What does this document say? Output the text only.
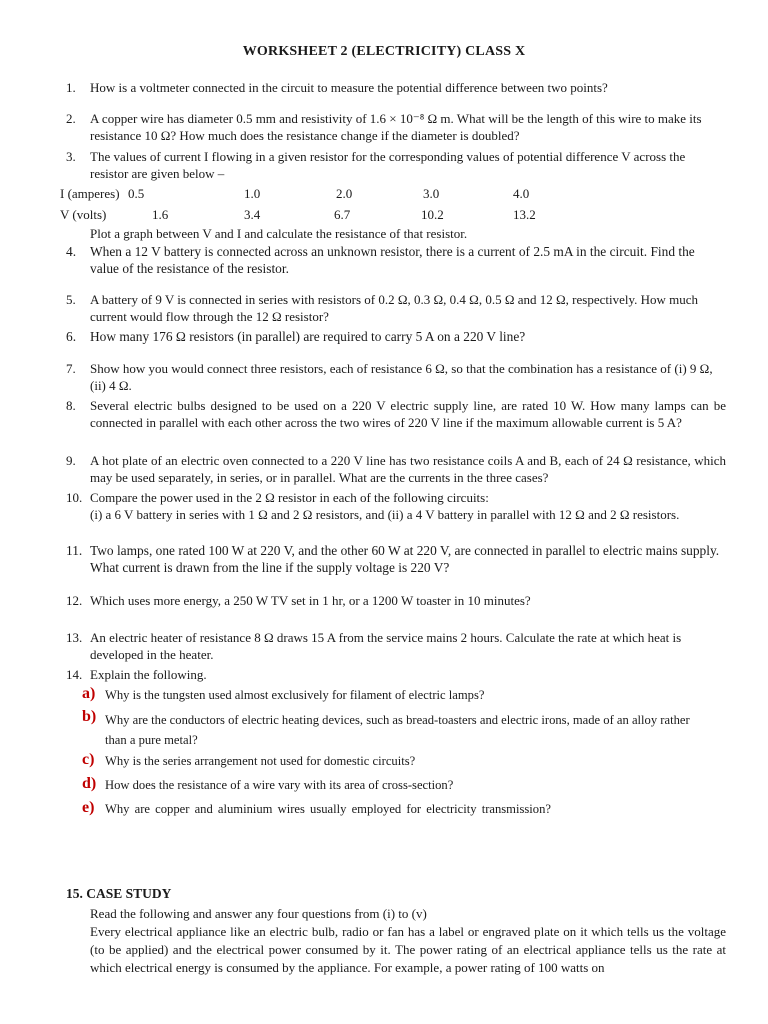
WORKSHEET 2 (ELECTRICITY) CLASS X
1. How is a voltmeter connected in the circuit to measure the potential difference between two points?
2. A copper wire has diameter 0.5 mm and resistivity of 1.6 × 10⁻⁸ Ω m. What will be the length of this wire to make its resistance 10 Ω? How much does the resistance change if the diameter is doubled?
3. The values of current I flowing in a given resistor for the corresponding values of potential difference V across the resistor are given below –
I (amperes) 0.5	1.0	2.0	3.0	4.0
V (volts)	1.6	3.4	6.7	10.2	13.2
Plot a graph between V and I and calculate the resistance of that resistor.
4. When a 12 V battery is connected across an unknown resistor, there is a current of 2.5 mA in the circuit. Find the value of the resistance of the resistor.
5. A battery of 9 V is connected in series with resistors of 0.2 Ω, 0.3 Ω, 0.4 Ω, 0.5 Ω and 12 Ω, respectively. How much current would flow through the 12 Ω resistor?
6. How many 176 Ω resistors (in parallel) are required to carry 5 A on a 220 V line?
7. Show how you would connect three resistors, each of resistance 6 Ω, so that the combination has a resistance of (i) 9 Ω, (ii) 4 Ω.
8. Several electric bulbs designed to be used on a 220 V electric supply line, are rated 10 W. How many lamps can be connected in parallel with each other across the two wires of 220 V line if the maximum allowable current is 5 A?
9. A hot plate of an electric oven connected to a 220 V line has two resistance coils A and B, each of 24 Ω resistance, which may be used separately, in series, or in parallel. What are the currents in the three cases?
10. Compare the power used in the 2 Ω resistor in each of the following circuits:
(i) a 6 V battery in series with 1 Ω and 2 Ω resistors, and (ii) a 4 V battery in parallel with 12 Ω and 2 Ω resistors.
11. Two lamps, one rated 100 W at 220 V, and the other 60 W at 220 V, are connected in parallel to electric mains supply. What current is drawn from the line if the supply voltage is 220 V?
12. Which uses more energy, a 250 W TV set in 1 hr, or a 1200 W toaster in 10 minutes?
13. An electric heater of resistance 8 Ω draws 15 A from the service mains 2 hours. Calculate the rate at which heat is developed in the heater.
14. Explain the following.
a) Why is the tungsten used almost exclusively for filament of electric lamps?
b) Why are the conductors of electric heating devices, such as bread-toasters and electric irons, made of an alloy rather than a pure metal?
c) Why is the series arrangement not used for domestic circuits?
d) How does the resistance of a wire vary with its area of cross-section?
e) Why are copper and aluminium wires usually employed for electricity transmission?
15. CASE STUDY
Read the following and answer any four questions from (i) to (v)
Every electrical appliance like an electric bulb, radio or fan has a label or engraved plate on it which tells us the voltage (to be applied) and the electrical power consumed by it. The power rating of an electrical appliance tells us the rate at which electrical energy is consumed by the appliance. For example, a power rating of 100 watts on
